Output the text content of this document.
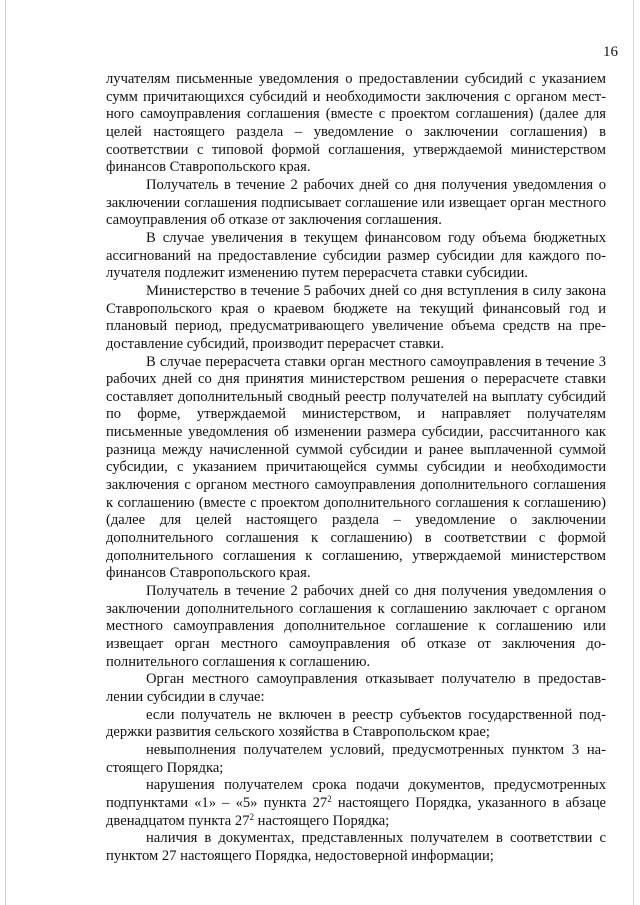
16

лучателям письменные уведомления о предоставлении субсидий с указанием сумм причитающихся субсидий и необходимости заключения с органом местного самоуправления соглашения (вместе с проектом соглашения) (далее для целей настоящего раздела – уведомление о заключении соглашения) в соответствии с типовой формой соглашения, утверждаемой министерством финансов Ставропольского края.

Получатель в течение 2 рабочих дней со дня получения уведомления о заключении соглашения подписывает соглашение или извещает орган местного самоуправления об отказе от заключения соглашения.

В случае увеличения в текущем финансовом году объема бюджетных ассигнований на предоставление субсидии размер субсидии для каждого получателя подлежит изменению путем перерасчета ставки субсидии.

Министерство в течение 5 рабочих дней со дня вступления в силу закона Ставропольского края о краевом бюджете на текущий финансовый год и плановый период, предусматривающего увеличение объема средств на предоставление субсидий, производит перерасчет ставки.

В случае перерасчета ставки орган местного самоуправления в течение 3 рабочих дней со дня принятия министерством решения о перерасчете ставки составляет дополнительный сводный реестр получателей на выплату субсидий по форме, утверждаемой министерством, и направляет получателям письменные уведомления об изменении размера субсидии, рассчитанного как разница между начисленной суммой субсидии и ранее выплаченной суммой субсидии, с указанием причитающейся суммы субсидии и необходимости заключения с органом местного самоуправления дополнительного соглашения к соглашению (вместе с проектом дополнительного соглашения к соглашению) (далее для целей настоящего раздела – уведомление о заключении дополнительного соглашения к соглашению) в соответствии с формой дополнительного соглашения к соглашению, утверждаемой министерством финансов Ставропольского края.

Получатель в течение 2 рабочих дней со дня получения уведомления о заключении дополнительного соглашения к соглашению заключает с органом местного самоуправления дополнительное соглашение к соглашению или извещает орган местного самоуправления об отказе от заключения дополнительного соглашения к соглашению.

Орган местного самоуправления отказывает получателю в предоставлении субсидии в случае:

если получатель не включен в реестр субъектов государственной поддержки развития сельского хозяйства в Ставропольском крае;

невыполнения получателем условий, предусмотренных пунктом 3 настоящего Порядка;

нарушения получателем срока подачи документов, предусмотренных подпунктами «1» – «5» пункта $27^2$ настоящего Порядка, указанного в абзаце двенадцатом пункта $27^2$ настоящего Порядка;

наличия в документах, представленных получателем в соответствии с пунктом 27 настоящего Порядка, недостоверной информации;
